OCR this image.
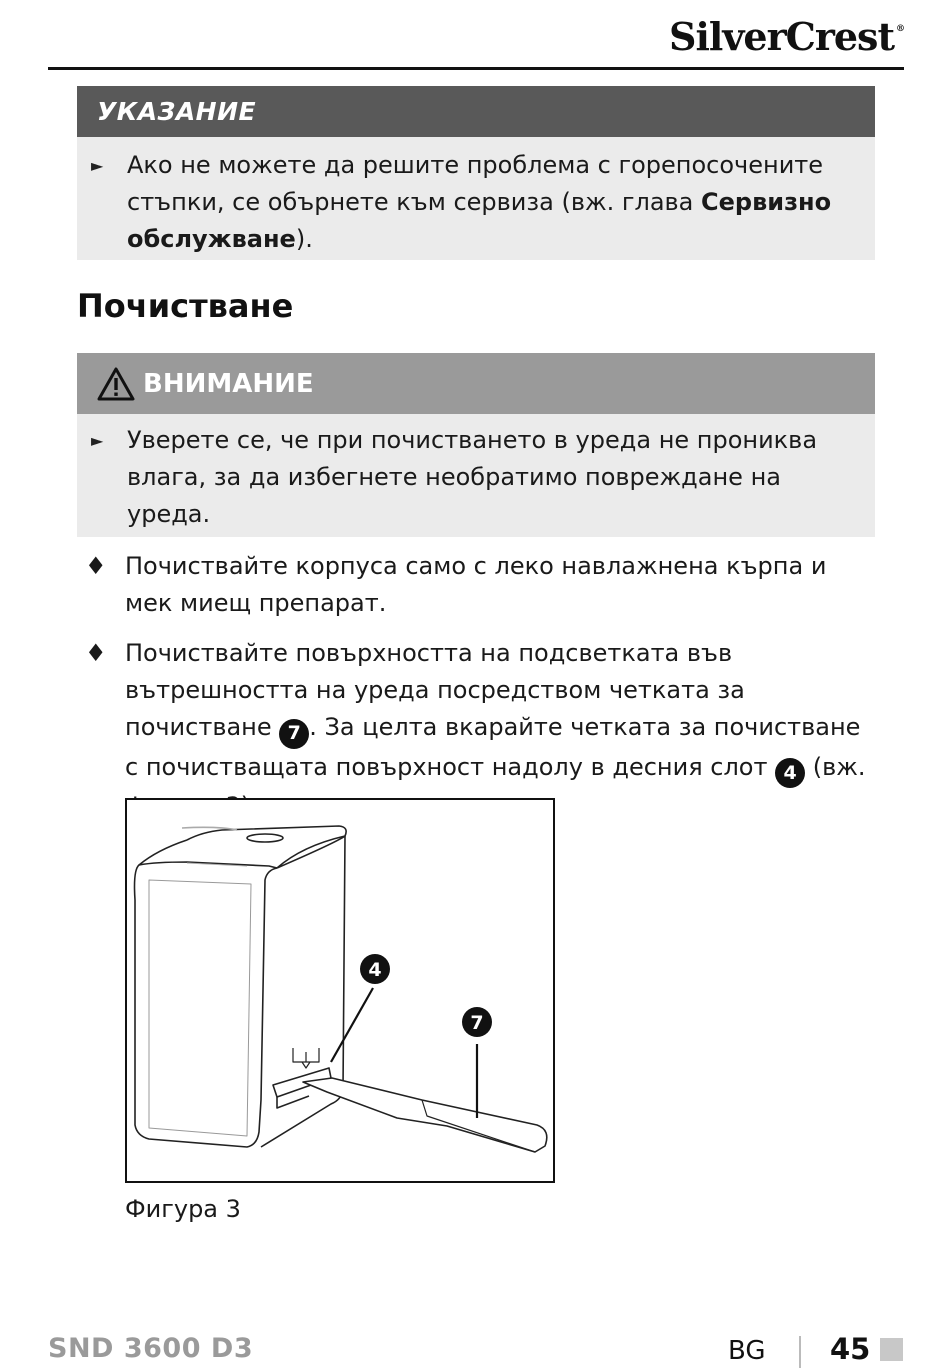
SilverCrest ®
УКАЗАНИЕ
► Ако не можете да решите проблема с горепосочените стъпки, се обърнете към сервиза (вж. глава Сервизно обслужване).
Почистване
ВНИМАНИЕ
► Уверете се, че при почистването в уреда не прониква влага, за да избегнете необратимо повреждане на уреда.
♦ Почиствайте корпуса само с леко навлажнена кърпа и мек миещ препарат.
♦ Почиствайте повърхността на подсветката във вътрешността на уреда посредством четката за почистване 7 . За целта вкарайте четката за почистване с почистващата повърхност надолу в десния слот 4 (вж.
4
7
Фигура 3
SND 3600 D3	BG 45
